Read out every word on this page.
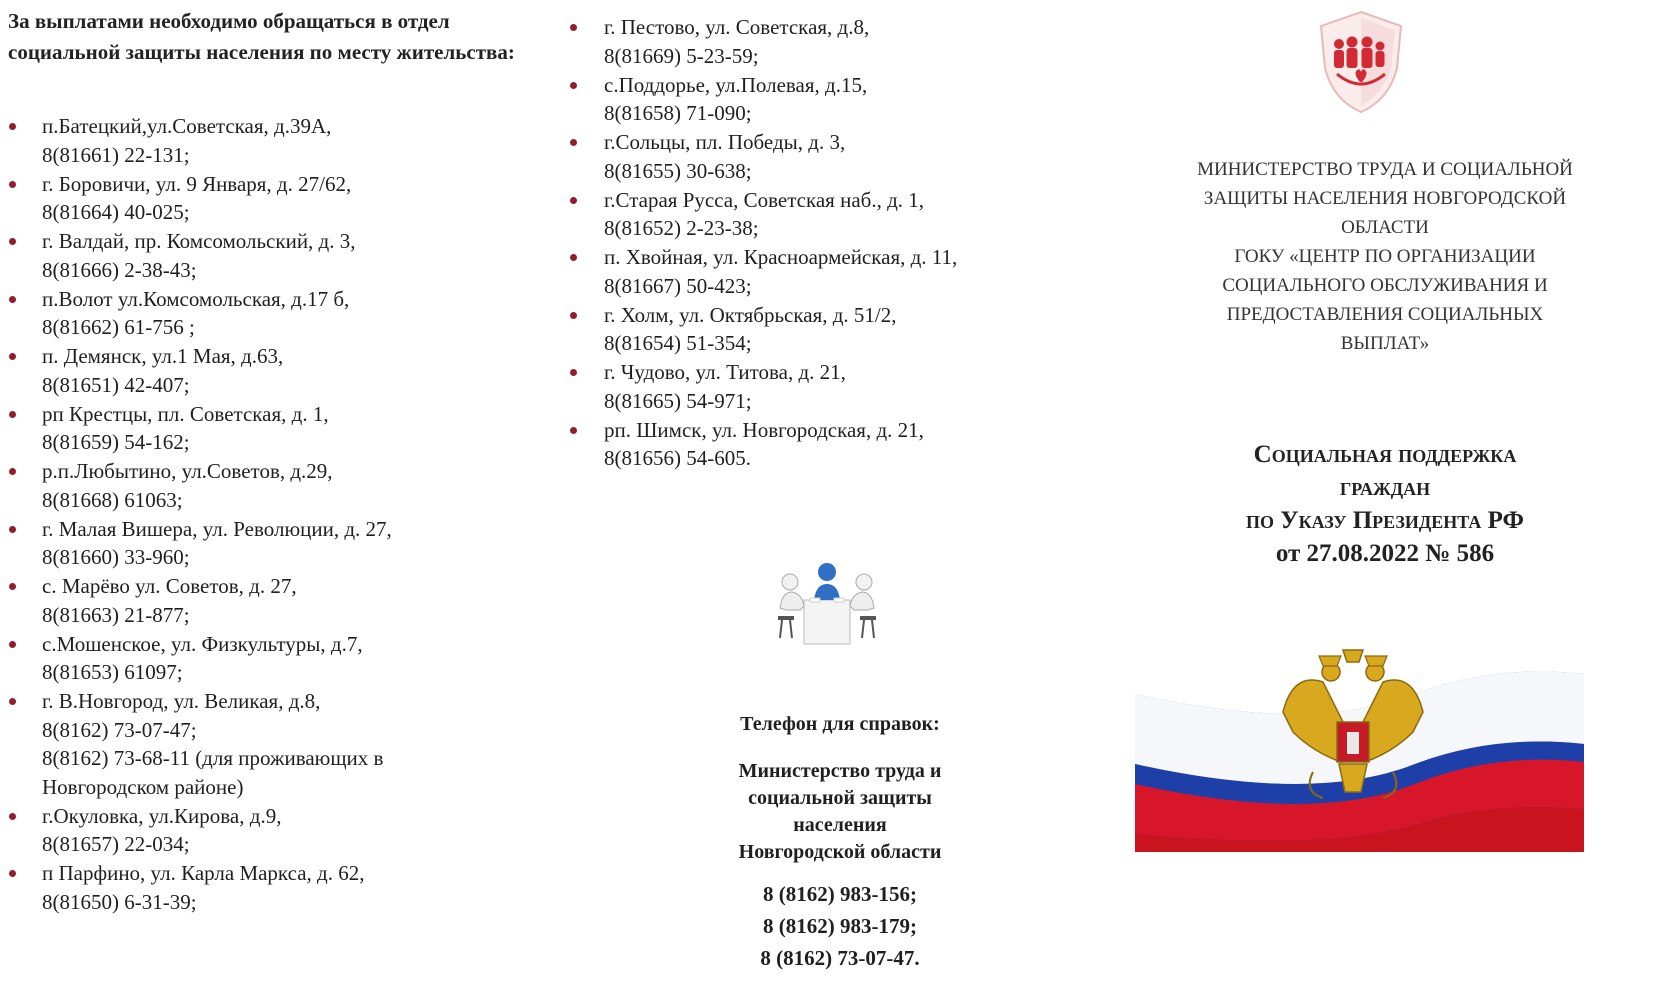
За выплатами необходимо обращаться в отдел социальной защиты населения по месту жительства:
п.Батецкий,ул.Советская, д.39А,
8(81661) 22-131;
г. Боровичи, ул. 9 Января, д. 27/62,
8(81664) 40-025;
г. Валдай, пр. Комсомольский, д. 3,
8(81666) 2-38-43;
п.Волот ул.Комсомольская, д.17 б,
8(81662) 61-756 ;
п. Демянск, ул.1 Мая, д.63,
8(81651) 42-407;
рп Крестцы, пл. Советская, д. 1,
8(81659) 54-162;
р.п.Любытино, ул.Советов, д.29,
8(81668) 61063;
г. Малая Вишера, ул. Революции, д. 27,
8(81660) 33-960;
с. Марёво ул. Советов, д. 27,
8(81663) 21-877;
с.Мошенское, ул. Физкультуры, д.7,
8(81653) 61097;
г. В.Новгород, ул. Великая, д.8,
8(8162) 73-07-47;
8(8162) 73-68-11 (для проживающих в
Новгородском районе)
г.Окуловка, ул.Кирова, д.9,
8(81657) 22-034;
п Парфино, ул. Карла Маркса, д. 62,
8(81650) 6-31-39;
г. Пестово, ул. Советская, д.8,
8(81669) 5-23-59;
с.Поддорье, ул.Полевая, д.15,
8(81658) 71-090;
г.Сольцы, пл. Победы, д. 3,
8(81655) 30-638;
г.Старая Русса, Советская наб., д. 1,
8(81652) 2-23-38;
п. Хвойная, ул. Красноармейская, д. 11,
8(81667) 50-423;
г. Холм, ул. Октябрьская, д. 51/2,
8(81654) 51-354;
г. Чудово, ул. Титова, д. 21,
8(81665) 54-971;
рп. Шимск, ул. Новгородская, д. 21,
8(81656) 54-605.
Телефон для справок:
Министерство труда и
социальной защиты
населения
Новгородской области
8 (8162) 983-156;
8 (8162) 983-179;
8 (8162) 73-07-47.
МИНИСТЕРСТВО ТРУДА И СОЦИАЛЬНОЙ
ЗАЩИТЫ НАСЕЛЕНИЯ НОВГОРОДСКОЙ
ОБЛАСТИ
ГОКУ «ЦЕНТР ПО ОРГАНИЗАЦИИ
СОЦИАЛЬНОГО ОБСЛУЖИВАНИЯ И
ПРЕДОСТАВЛЕНИЯ СОЦИАЛЬНЫХ
ВЫПЛАТ»
Социальная поддержка
граждан
по Указу Президента РФ
от 27.08.2022 № 586
